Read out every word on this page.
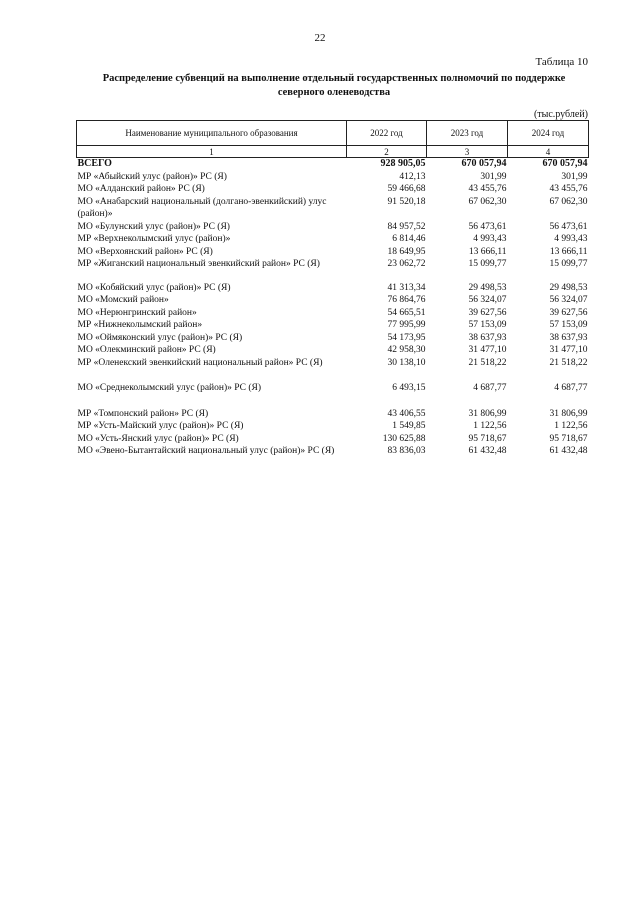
22
Таблица 10
Распределение субвенций на выполнение отдельный государственных полномочий по поддержке северного оленеводства
(тыс.рублей)
Наименование муниципального образования	2022 год	2023 год	2024 год
1	2	3	4
ВСЕГО	928 905,05	670 057,94	670 057,94
МР «Абыйский улус (район)» РС (Я)	412,13	301,99	301,99
МО «Алданский район» РС (Я)	59 466,68	43 455,76	43 455,76
МО «Анабарский национальный (долгано-эвенкийский) улус (район)»	91 520,18	67 062,30	67 062,30
МО «Булунский улус (район)» РС (Я)	84 957,52	56 473,61	56 473,61
МР «Верхнеколымский улус (район)»	6 814,46	4 993,43	4 993,43
МО «Верхоянский район» РС (Я)	18 649,95	13 666,11	13 666,11
МР «Жиганский национальный эвенкийский район» РС (Я)	23 062,72	15 099,77	15 099,77

МО «Кобяйский улус (район)» РС (Я)	41 313,34	29 498,53	29 498,53
МО «Момский район»	76 864,76	56 324,07	56 324,07
МО «Нерюнгринский район»	54 665,51	39 627,56	39 627,56
МР «Нижнеколымский район»	77 995,99	57 153,09	57 153,09
МО «Оймяконский улус (район)» РС (Я)	54 173,95	38 637,93	38 637,93
МО «Олекминский район» РС (Я)	42 958,30	31 477,10	31 477,10
МР «Оленекский эвенкийский национальный район» РС (Я)	30 138,10	21 518,22	21 518,22

МО «Среднеколымский улус (район)» РС (Я)	6 493,15	4 687,77	4 687,77

МР «Томпонский район» РС (Я)	43 406,55	31 806,99	31 806,99
МР «Усть-Майский улус (район)» РС (Я)	1 549,85	1 122,56	1 122,56
МО «Усть-Янский улус (район)» РС (Я)	130 625,88	95 718,67	95 718,67
МО «Эвено-Бытантайский национальный улус (район)» РС (Я)	83 836,03	61 432,48	61 432,48
